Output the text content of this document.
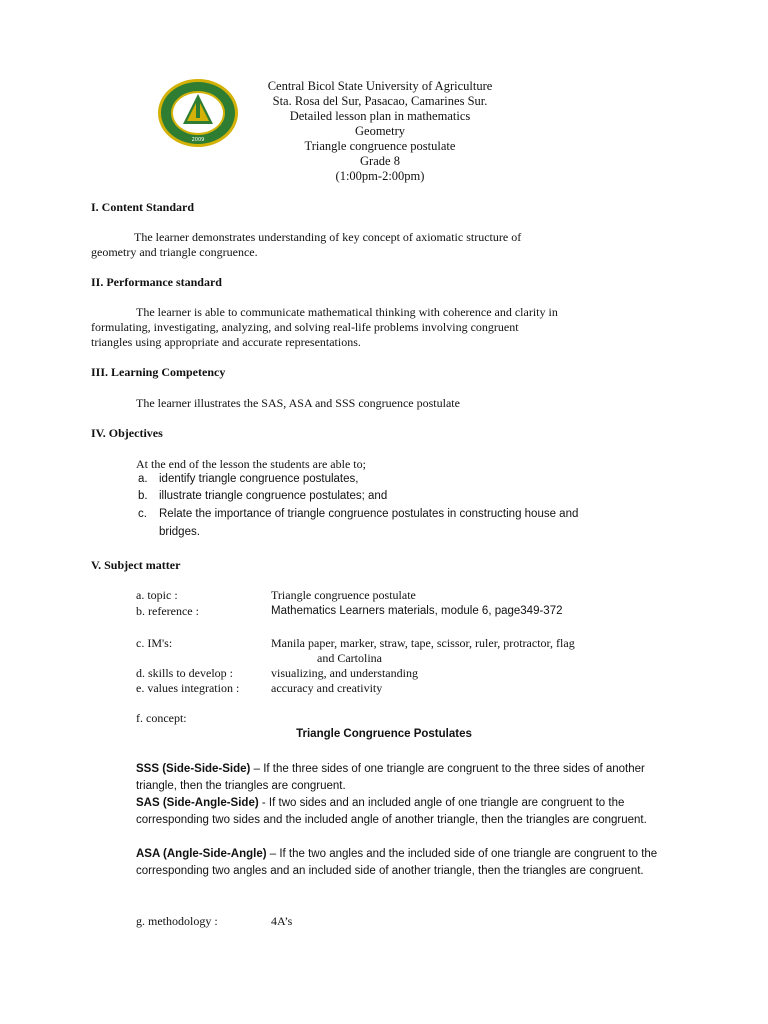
2009
Central Bicol State University of Agriculture
Sta. Rosa del Sur, Pasacao, Camarines Sur.
Detailed lesson plan in mathematics
Geometry
Triangle congruence postulate
Grade 8
(1:00pm-2:00pm)
I. Content Standard
The learner demonstrates understanding of key concept of axiomatic structure of
geometry and triangle congruence.
II. Performance standard
The learner is able to communicate mathematical thinking with coherence and clarity in
formulating, investigating, analyzing, and solving real-life problems involving congruent
triangles using appropriate and accurate representations.
III. Learning Competency
The learner illustrates the SAS, ASA and SSS congruence postulate
IV. Objectives
At the end of the lesson the students are able to;
a. identify triangle congruence postulates,
b. illustrate triangle congruence postulates; and
c. Relate the importance of triangle congruence postulates in constructing house and
bridges.
V. Subject matter
a. topic :	Triangle congruence postulate
b. reference :	Mathematics Learners materials, module 6, page349-372
c. IM's:	Manila paper, marker, straw, tape, scissor, ruler, protractor, flag
and Cartolina
d. skills to develop :	visualizing, and understanding
e. values integration :	accuracy and creativity
f. concept:
Triangle Congruence Postulates
SSS (Side-Side-Side) – If the three sides of one triangle are congruent to the three sides of another triangle, then the triangles are congruent.
SAS (Side-Angle-Side) - If two sides and an included angle of one triangle are congruent to the corresponding two sides and the included angle of another triangle, then the triangles are congruent.
ASA (Angle-Side-Angle) – If the two angles and the included side of one triangle are congruent to the corresponding two angles and an included side of another triangle, then the triangles are congruent.
g. methodology :	4A’s
